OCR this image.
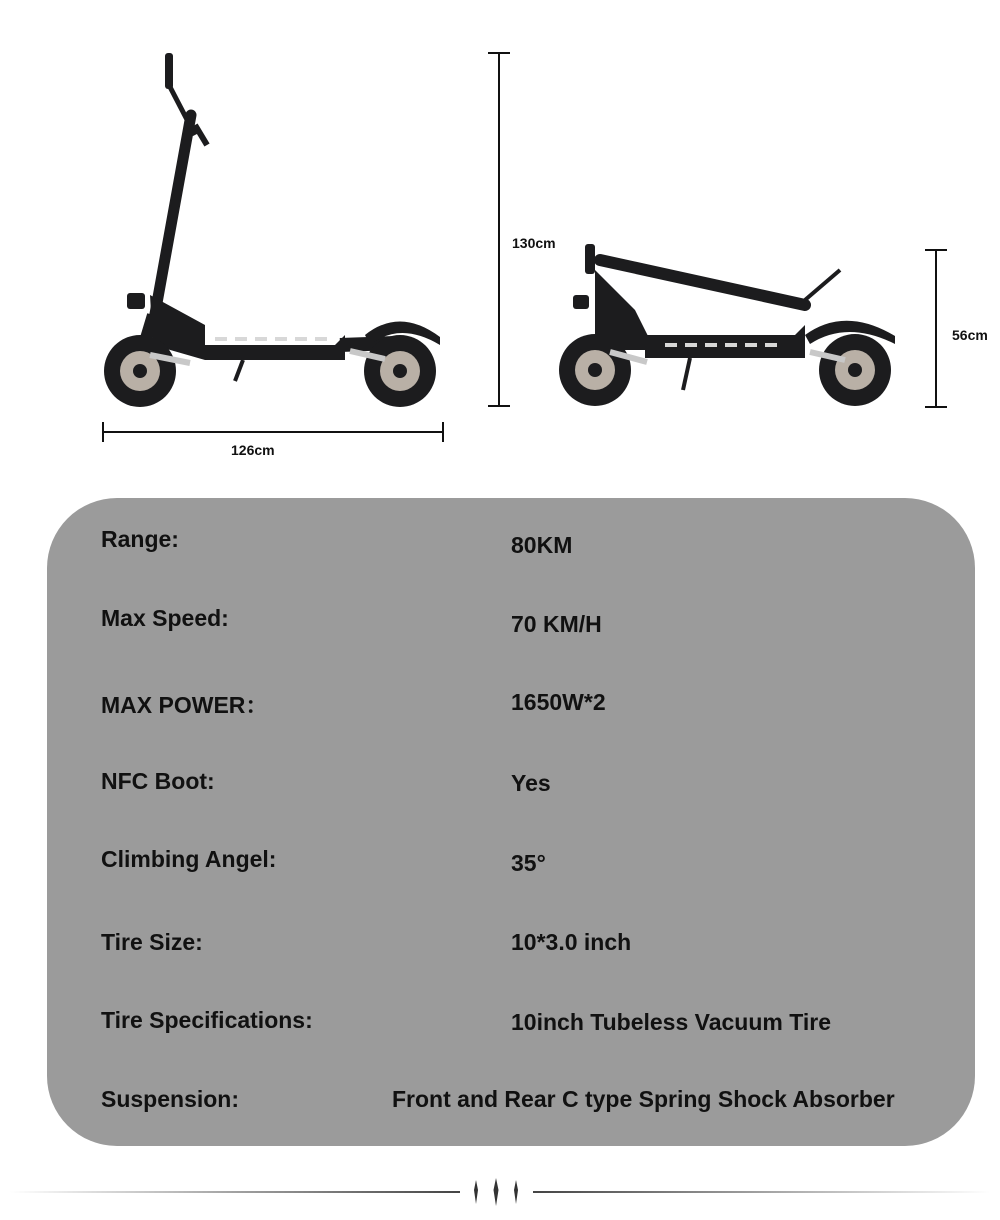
126cm
130cm
56cm
Range:	80KM
Max Speed:	70 KM/H
MAX POWER：	1650W*2
NFC Boot:	Yes
Climbing Angel:	35°
Tire Size:	10*3.0 inch
Tire Specifications:	10inch Tubeless Vacuum Tire
Suspension:	Front and Rear C type Spring Shock Absorber
